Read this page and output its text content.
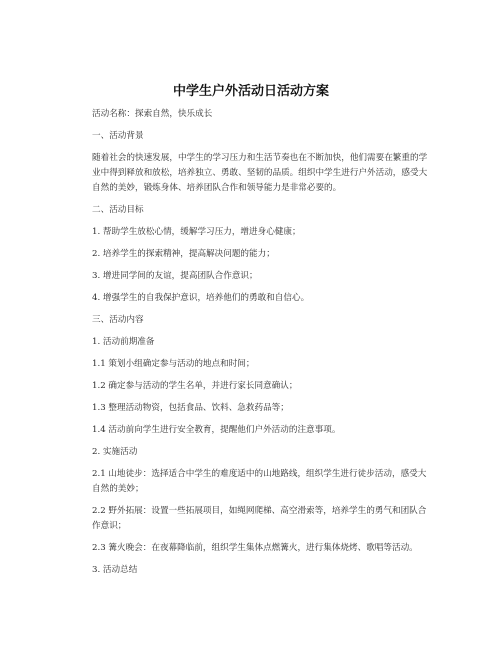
中学生户外活动日活动方案

活动名称：探索自然，快乐成长

一、活动背景

随着社会的快速发展，中学生的学习压力和生活节奏也在不断加快，他们需要在繁重的学业中得到释放和放松，培养独立、勇敢、坚韧的品质。组织中学生进行户外活动，感受大自然的美妙，锻炼身体、培养团队合作和领导能力是非常必要的。

二、活动目标

1. 帮助学生放松心情，缓解学习压力，增进身心健康；

2. 培养学生的探索精神，提高解决问题的能力；

3. 增进同学间的友谊，提高团队合作意识；

4. 增强学生的自我保护意识，培养他们的勇敢和自信心。

三、活动内容

1. 活动前期准备

1.1 策划小组确定参与活动的地点和时间；

1.2 确定参与活动的学生名单，并进行家长同意确认；

1.3 整理活动物资，包括食品、饮料、急救药品等；

1.4 活动前向学生进行安全教育，提醒他们户外活动的注意事项。

2. 实施活动

2.1 山地徒步：选择适合中学生的难度适中的山地路线，组织学生进行徒步活动，感受大自然的美妙；

2.2 野外拓展：设置一些拓展项目，如绳网爬梯、高空滑索等，培养学生的勇气和团队合作意识；

2.3 篝火晚会：在夜幕降临前，组织学生集体点燃篝火，进行集体烧烤、歌唱等活动。

3. 活动总结
